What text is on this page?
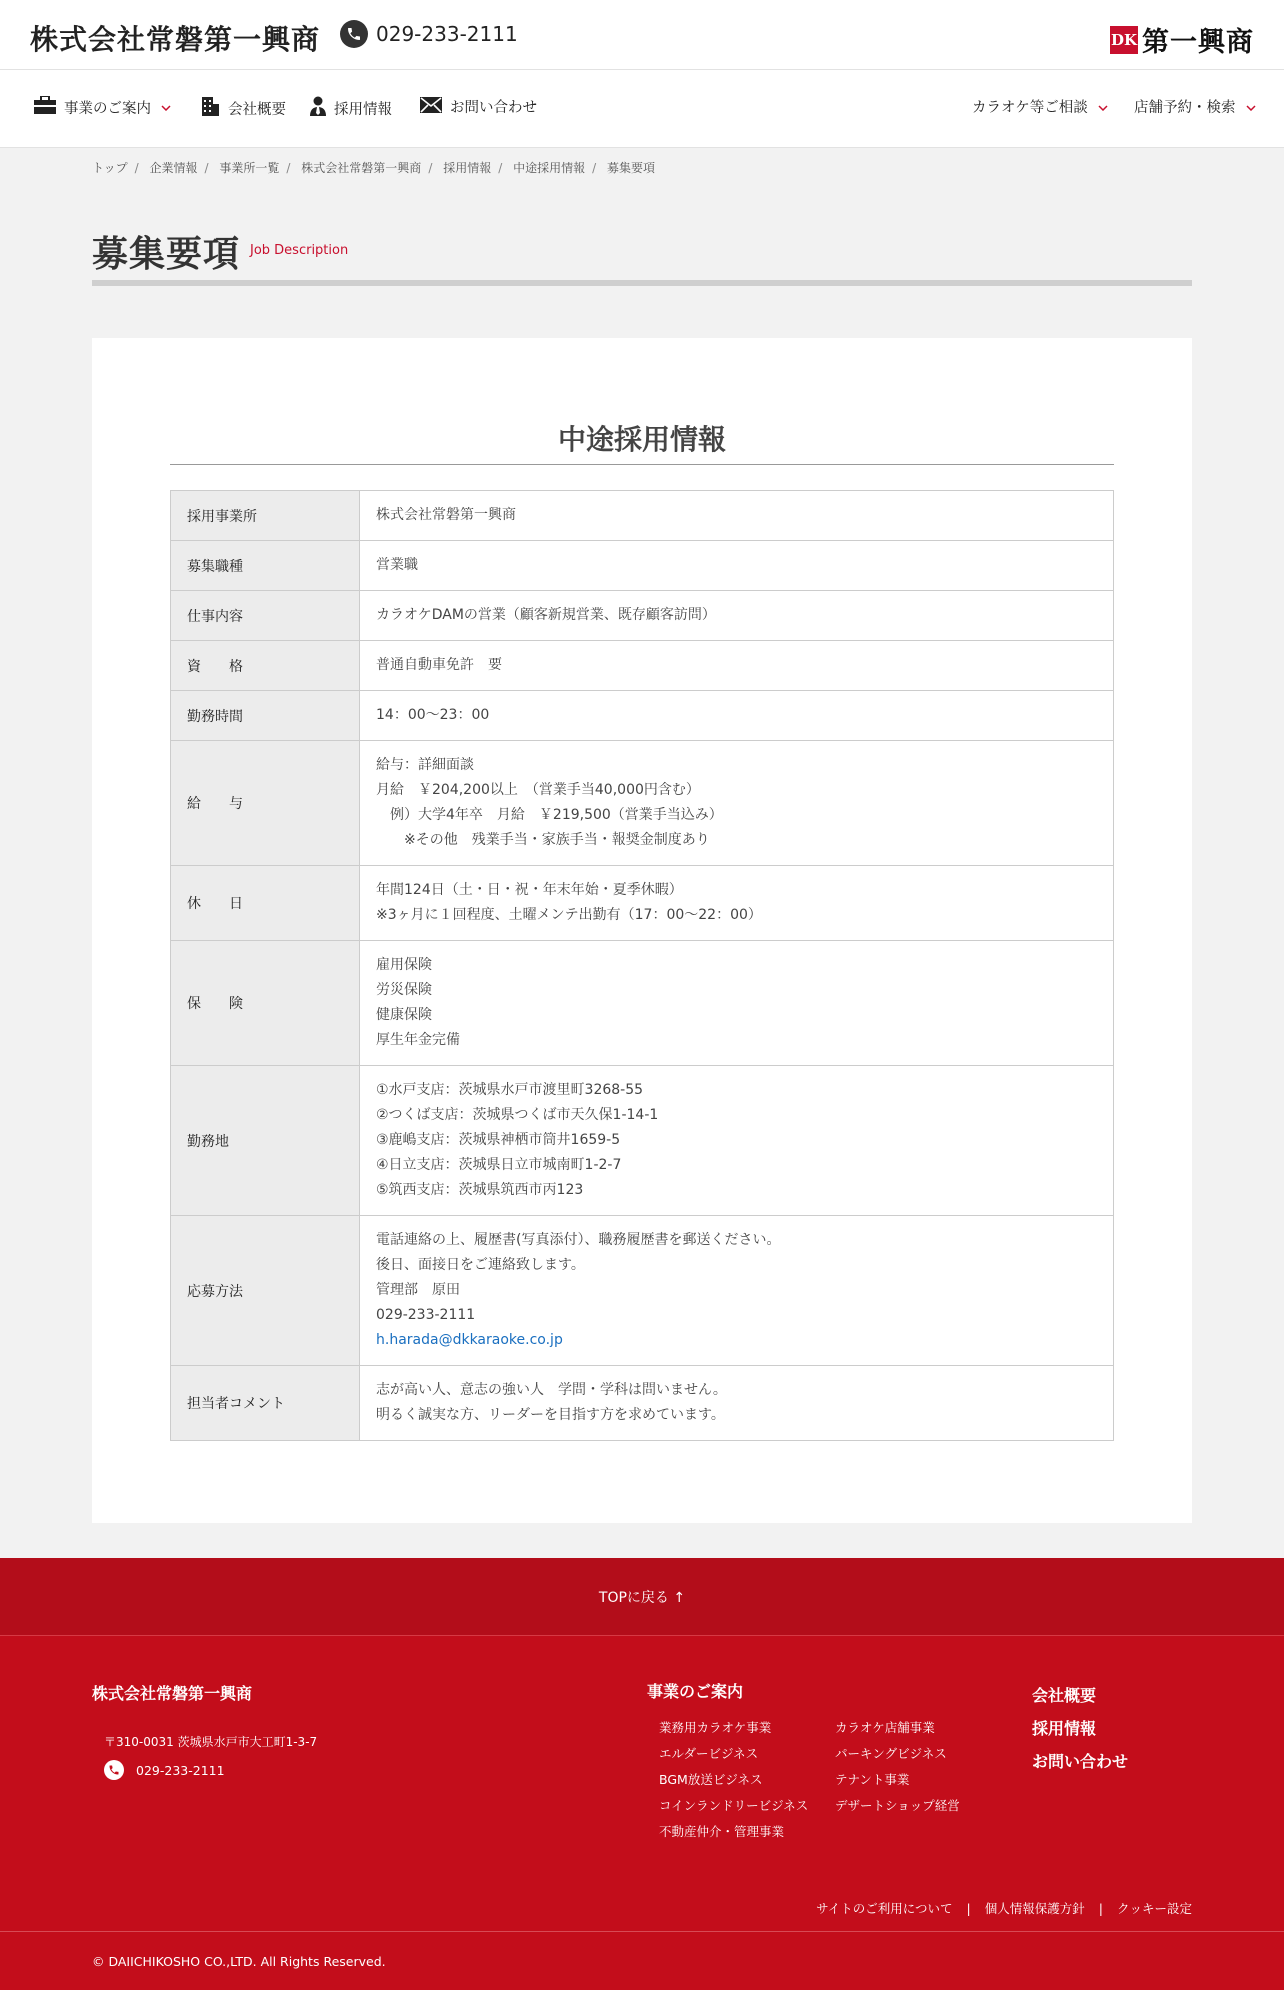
株式会社常磐第一興商	029-233-2111	DK 第一興商
事業のご案内	会社概要	採用情報	お問い合わせ	カラオケ等ご相談	店舗予約・検索
トップ / 企業情報 / 事業所一覧 / 株式会社常磐第一興商 / 採用情報 / 中途採用情報 / 募集要項
募集要項 Job Description
中途採用情報
採用事業所	株式会社常磐第一興商

募集職種	営業職

仕事内容	カラオケDAMの営業（顧客新規営業、既存顧客訪問）

資　　格	普通自動車免許　要

勤務時間	14：00〜23：00

給　　与	給与：詳細面談
月給　￥204,200以上　（営業手当40,000円含む）
　例）大学4年卒　月給　￥219,500（営業手当込み）
　　※その他　残業手当・家族手当・報奨金制度あり

休　　日	年間124日（土・日・祝・年末年始・夏季休暇）
※3ヶ月に１回程度、土曜メンテ出勤有（17：00〜22：00）

保　　険	雇用保険
労災保険
健康保険
厚生年金完備

勤務地	①水戸支店：茨城県水戸市渡里町3268-55
②つくば支店：茨城県つくば市天久保1-14-1
③鹿嶋支店：茨城県神栖市筒井1659-5
④日立支店：茨城県日立市城南町1-2-7
⑤筑西支店：茨城県筑西市丙123

応募方法	電話連絡の上、履歴書(写真添付）、職務履歴書を郵送ください。
後日、面接日をご連絡致します。
管理部　原田
029-233-2111
h.harada@dkkaraoke.co.jp

担当者コメント	志が高い人、意志の強い人　学問・学科は問いません。
明るく誠実な方、リーダーを目指す方を求めています。
TOPに戻る ↑
株式会社常磐第一興商
〒310-0031 茨城県水戸市大工町1-3-7
029-233-2111
事業のご案内
業務用カラオケ事業
エルダービジネス
BGM放送ビジネス
コインランドリービジネス
不動産仲介・管理事業
カラオケ店舗事業
パーキングビジネス
テナント事業
デザートショップ経営
会社概要
採用情報
お問い合わせ
サイトのご利用について | 個人情報保護方針 | クッキー設定
© DAIICHIKOSHO CO.,LTD. All Rights Reserved.
